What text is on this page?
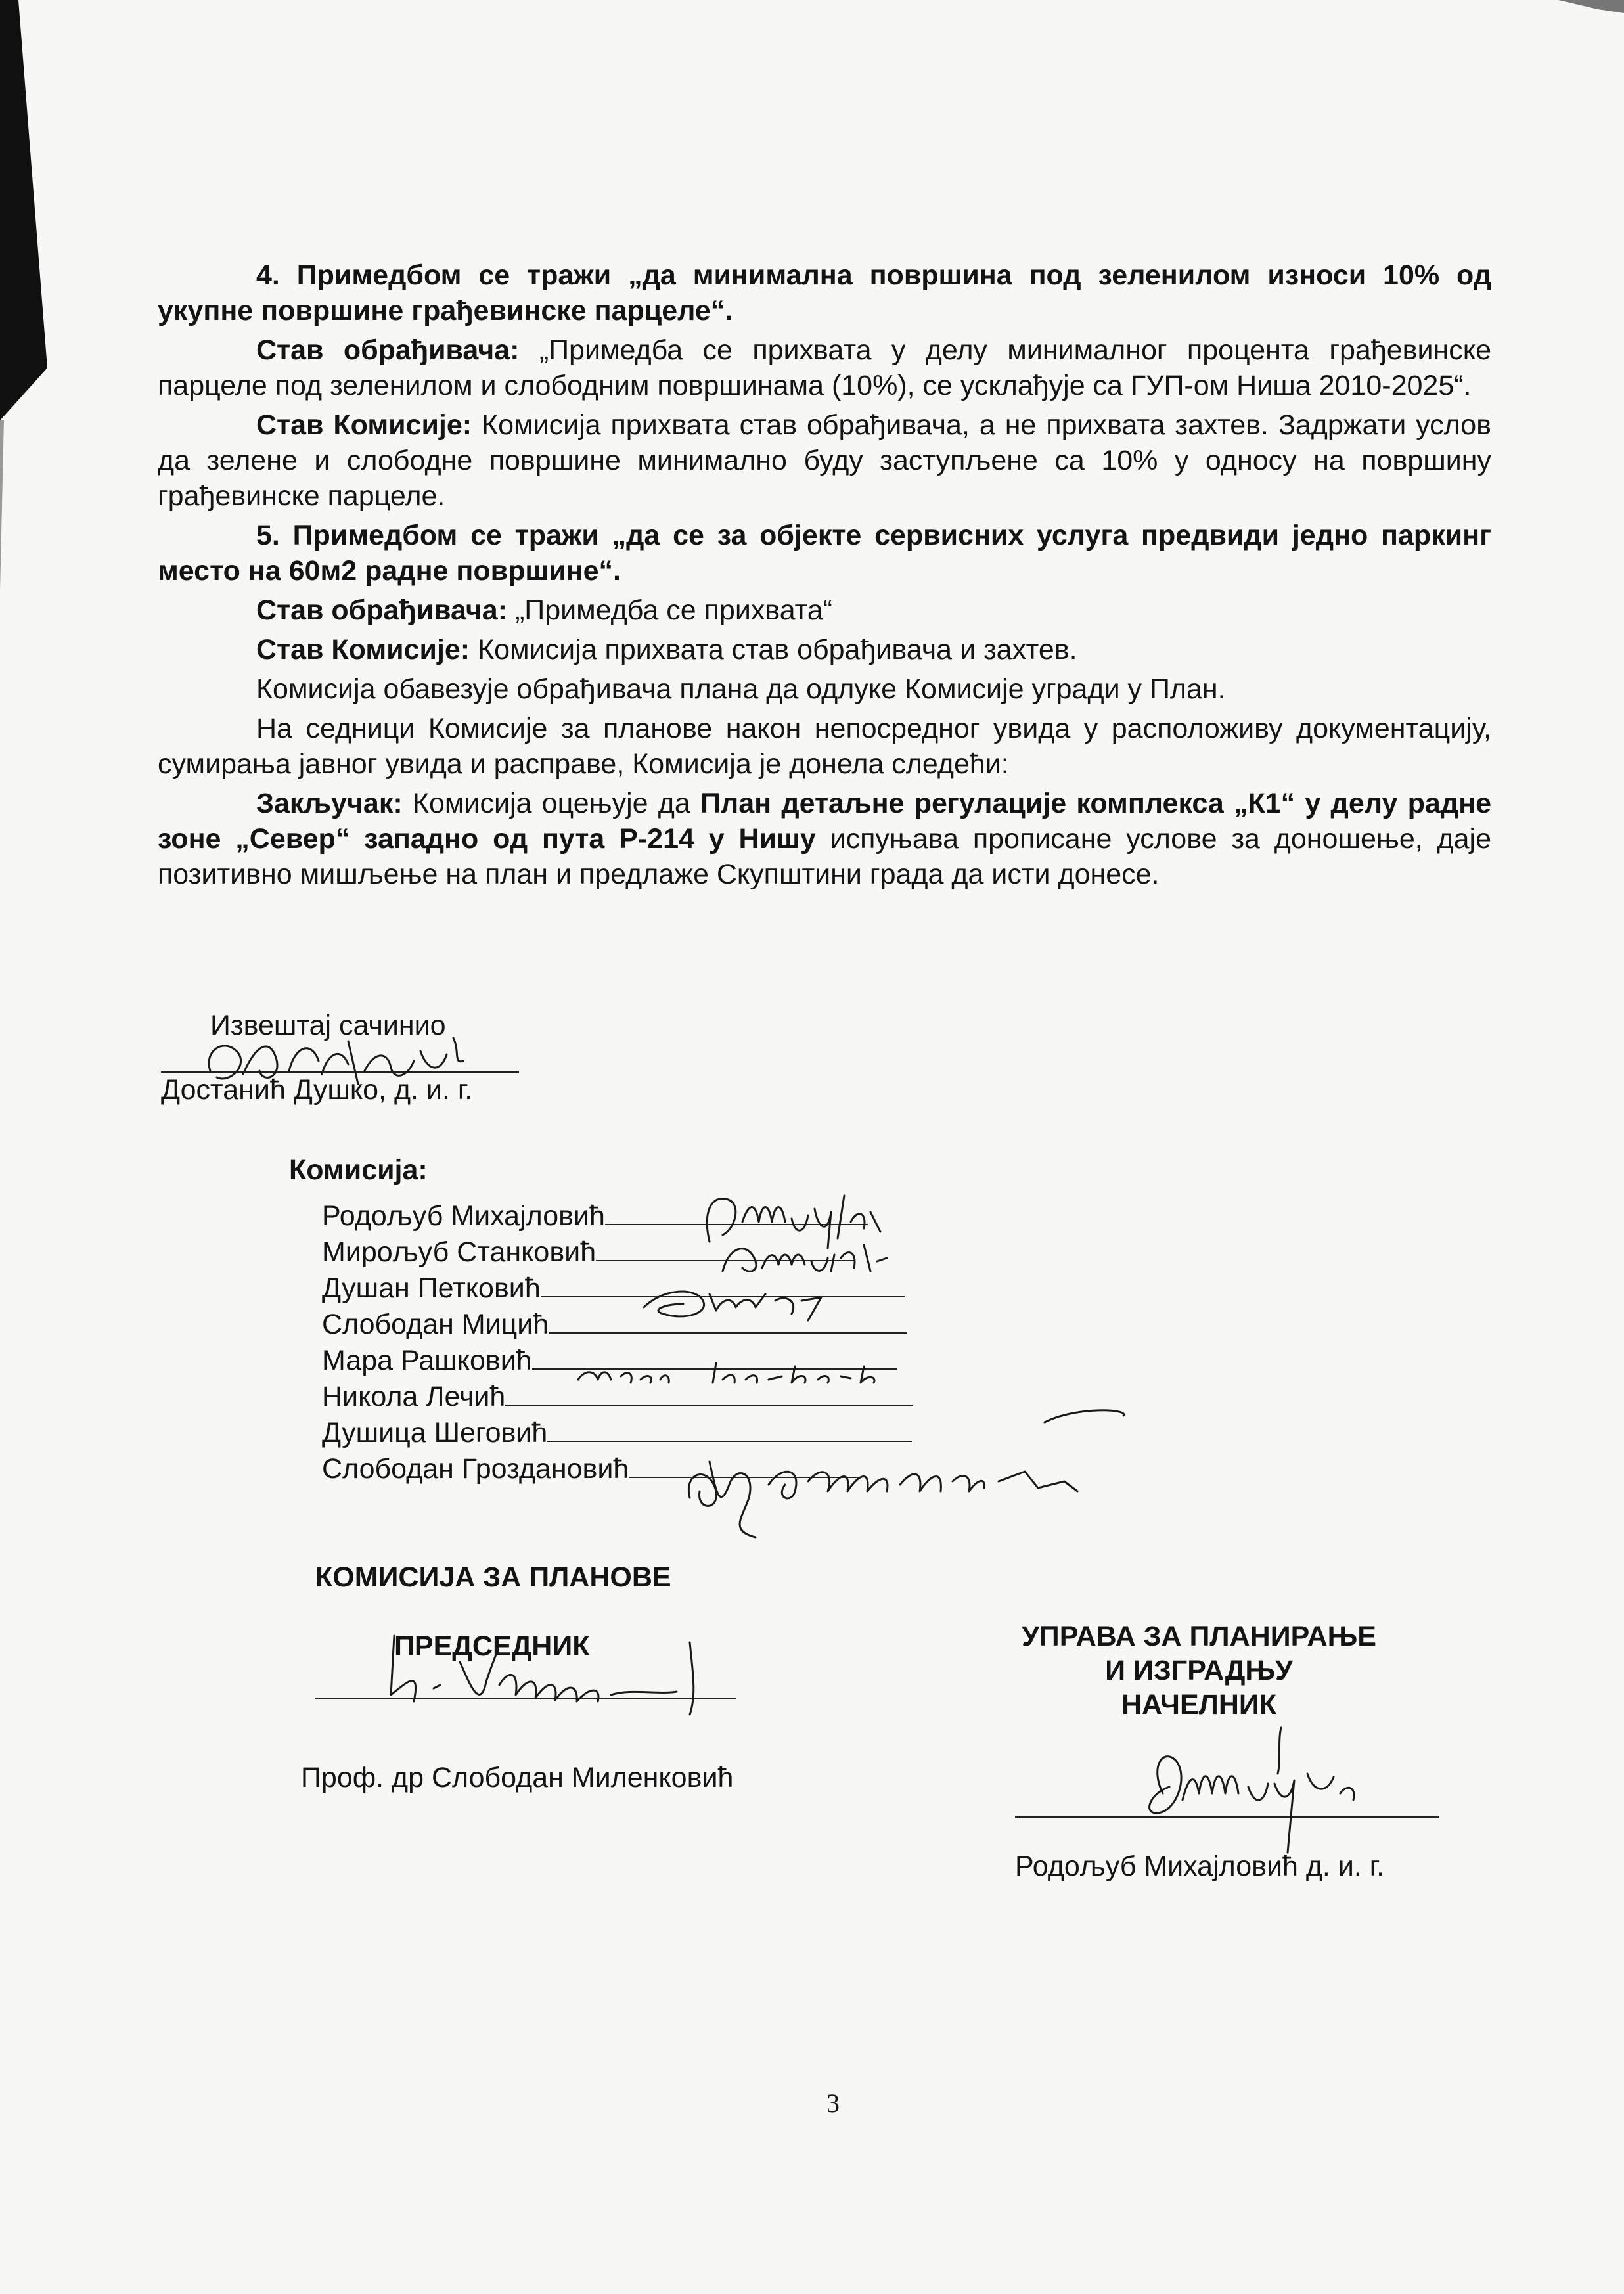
4. Примедбом се тражи „да минимална површина под зеленилом износи 10% од укупне површине грађевинске парцеле“.

Став обрађивача: „Примедба се прихвата у делу минималног процента грађевинске парцеле под зеленилом и слободним површинама (10%), се усклађује са ГУП-ом Ниша 2010-2025“.

Став Комисије: Комисија прихвата став обрађивача, а не прихвата захтев. Задржати услов да зелене и слободне површине минимално буду заступљене са 10% у односу на површину грађевинске парцеле.

5. Примедбом се тражи „да се за објекте сервисних услуга предвиди једно паркинг место на 60м2 радне површине“.

Став обрађивача: „Примедба се прихвата“

Став Комисије: Комисија прихвата став обрађивача и захтев.

Комисија обавезује обрађивача плана да одлуке Комисије угради у План.

На седници Комисије за планове након непосредног увида у расположиву документацију, сумирања јавног увида и расправе, Комисија је донела следећи:

Закључак: Комисија оцењује да План детаљне регулације комплекса „К1“ у делу радне зоне „Север“ западно од пута Р-214 у Нишу испуњава прописане услове за доношење, даје позитивно мишљење на план и предлаже Скупштини града да исти донесе.

Извештај сачинио
Достанић Душко, д. и. г.
Комисија:
Родољуб Михајловић
Мирољуб Станковић
Душан Петковић
Слободан Мицић
Мара Рашковић
Никола Лечић
Душица Шеговић
Слободан Гроздановић
КОМИСИЈА ЗА ПЛАНОВЕ
ПРЕДСЕДНИК
Проф. др Слободан Миленковић
УПРАВА ЗА ПЛАНИРАЊЕ
И ИЗГРАДЊУ
НАЧЕЛНИК
Родољуб Михајловић д. и. г.
3
